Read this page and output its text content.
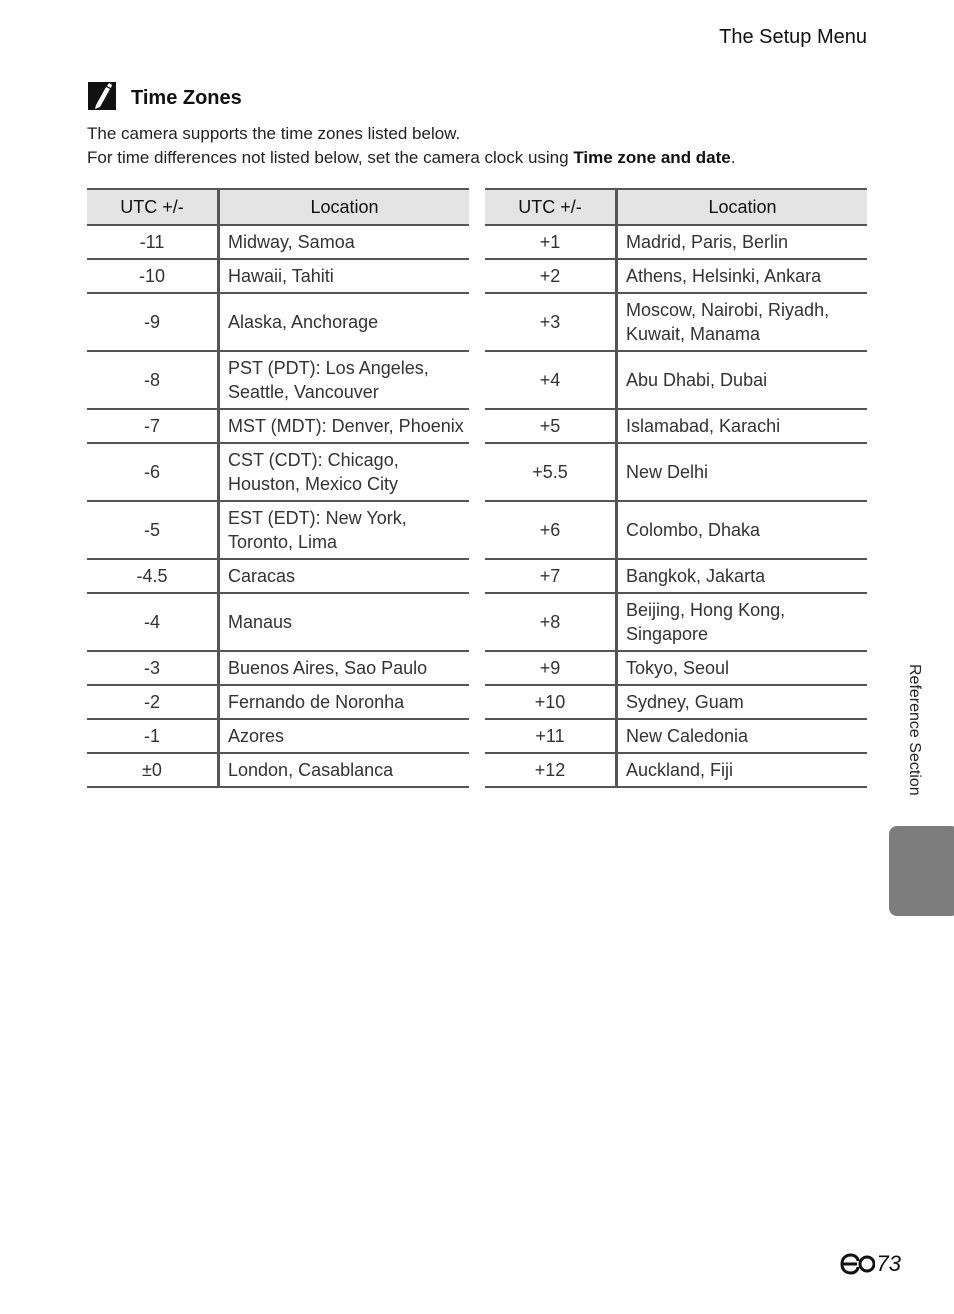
The Setup Menu
Time Zones
The camera supports the time zones listed below.
For time differences not listed below, set the camera clock using Time zone and date.
UTC +/-	Location
-11	Midway, Samoa
-10	Hawaii, Tahiti
-9	Alaska, Anchorage
-8	PST (PDT): Los Angeles, Seattle, Vancouver
-7	MST (MDT): Denver, Phoenix
-6	CST (CDT): Chicago, Houston, Mexico City
-5	EST (EDT): New York, Toronto, Lima
-4.5	Caracas
-4	Manaus
-3	Buenos Aires, Sao Paulo
-2	Fernando de Noronha
-1	Azores
±0	London, Casablanca
UTC +/-	Location
+1	Madrid, Paris, Berlin
+2	Athens, Helsinki, Ankara
+3	Moscow, Nairobi, Riyadh, Kuwait, Manama
+4	Abu Dhabi, Dubai
+5	Islamabad, Karachi
+5.5	New Delhi
+6	Colombo, Dhaka
+7	Bangkok, Jakarta
+8	Beijing, Hong Kong, Singapore
+9	Tokyo, Seoul
+10	Sydney, Guam
+11	New Caledonia
+12	Auckland, Fiji	Reference Section
73
